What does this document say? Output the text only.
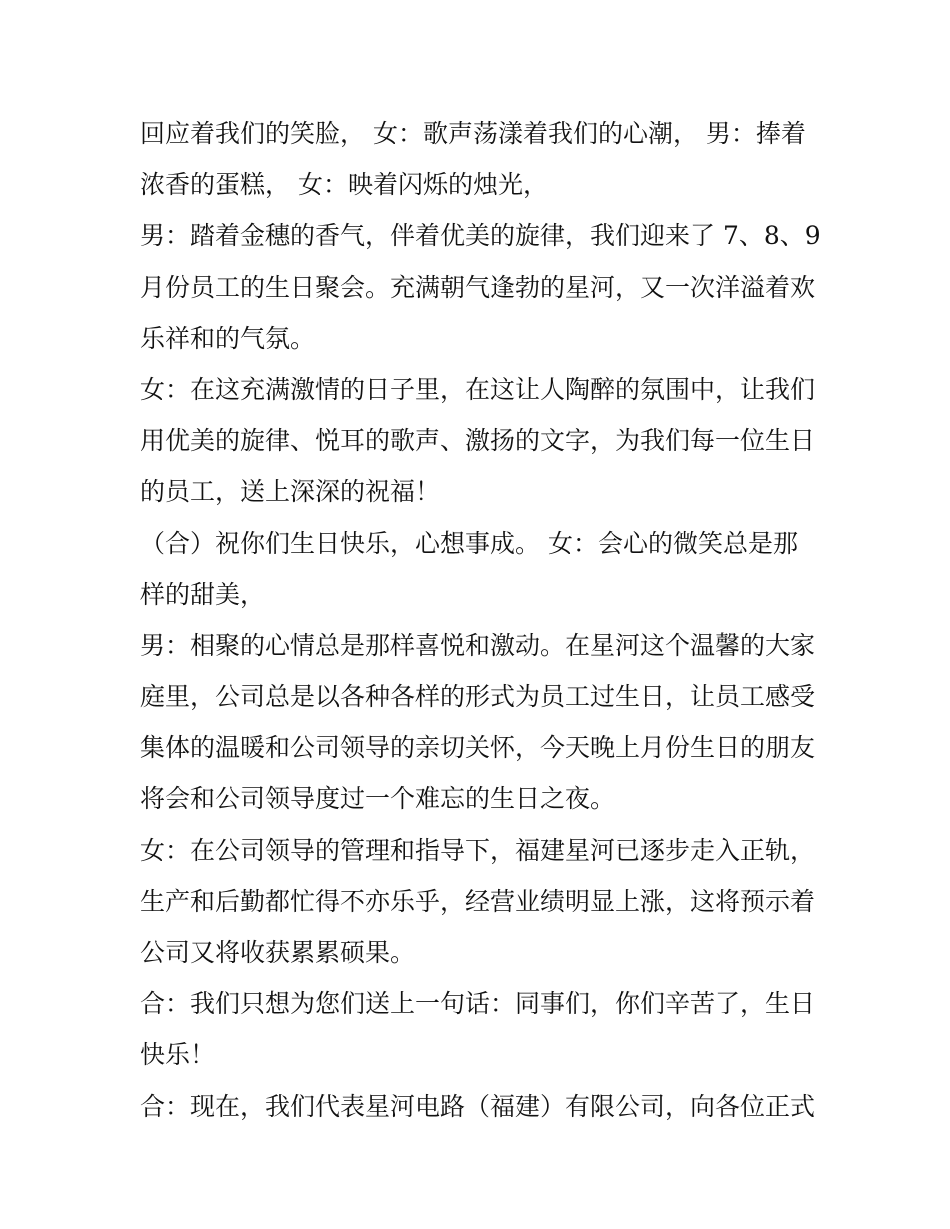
回应着我们的笑脸， 女：歌声荡漾着我们的心潮， 男：捧着

浓香的蛋糕， 女：映着闪烁的烛光，

男：踏着金穗的香气，伴着优美的旋律，我们迎来了 7、8、9

月份员工的生日聚会。充满朝气逢勃的星河，又一次洋溢着欢

乐祥和的气氛。

女：在这充满激情的日子里，在这让人陶醉的氛围中，让我们

用优美的旋律、悦耳的歌声、激扬的文字，为我们每一位生日

的员工，送上深深的祝福！

（合）祝你们生日快乐，心想事成。 女：会心的微笑总是那

样的甜美，

男：相聚的心情总是那样喜悦和激动。在星河这个温馨的大家

庭里，公司总是以各种各样的形式为员工过生日，让员工感受

集体的温暖和公司领导的亲切关怀，今天晚上月份生日的朋友

将会和公司领导度过一个难忘的生日之夜。

女：在公司领导的管理和指导下，福建星河已逐步走入正轨，

生产和后勤都忙得不亦乐乎，经营业绩明显上涨，这将预示着

公司又将收获累累硕果。

合：我们只想为您们送上一句话：同事们，你们辛苦了，生日

快乐！

合：现在，我们代表星河电路（福建）有限公司，向各位正式
